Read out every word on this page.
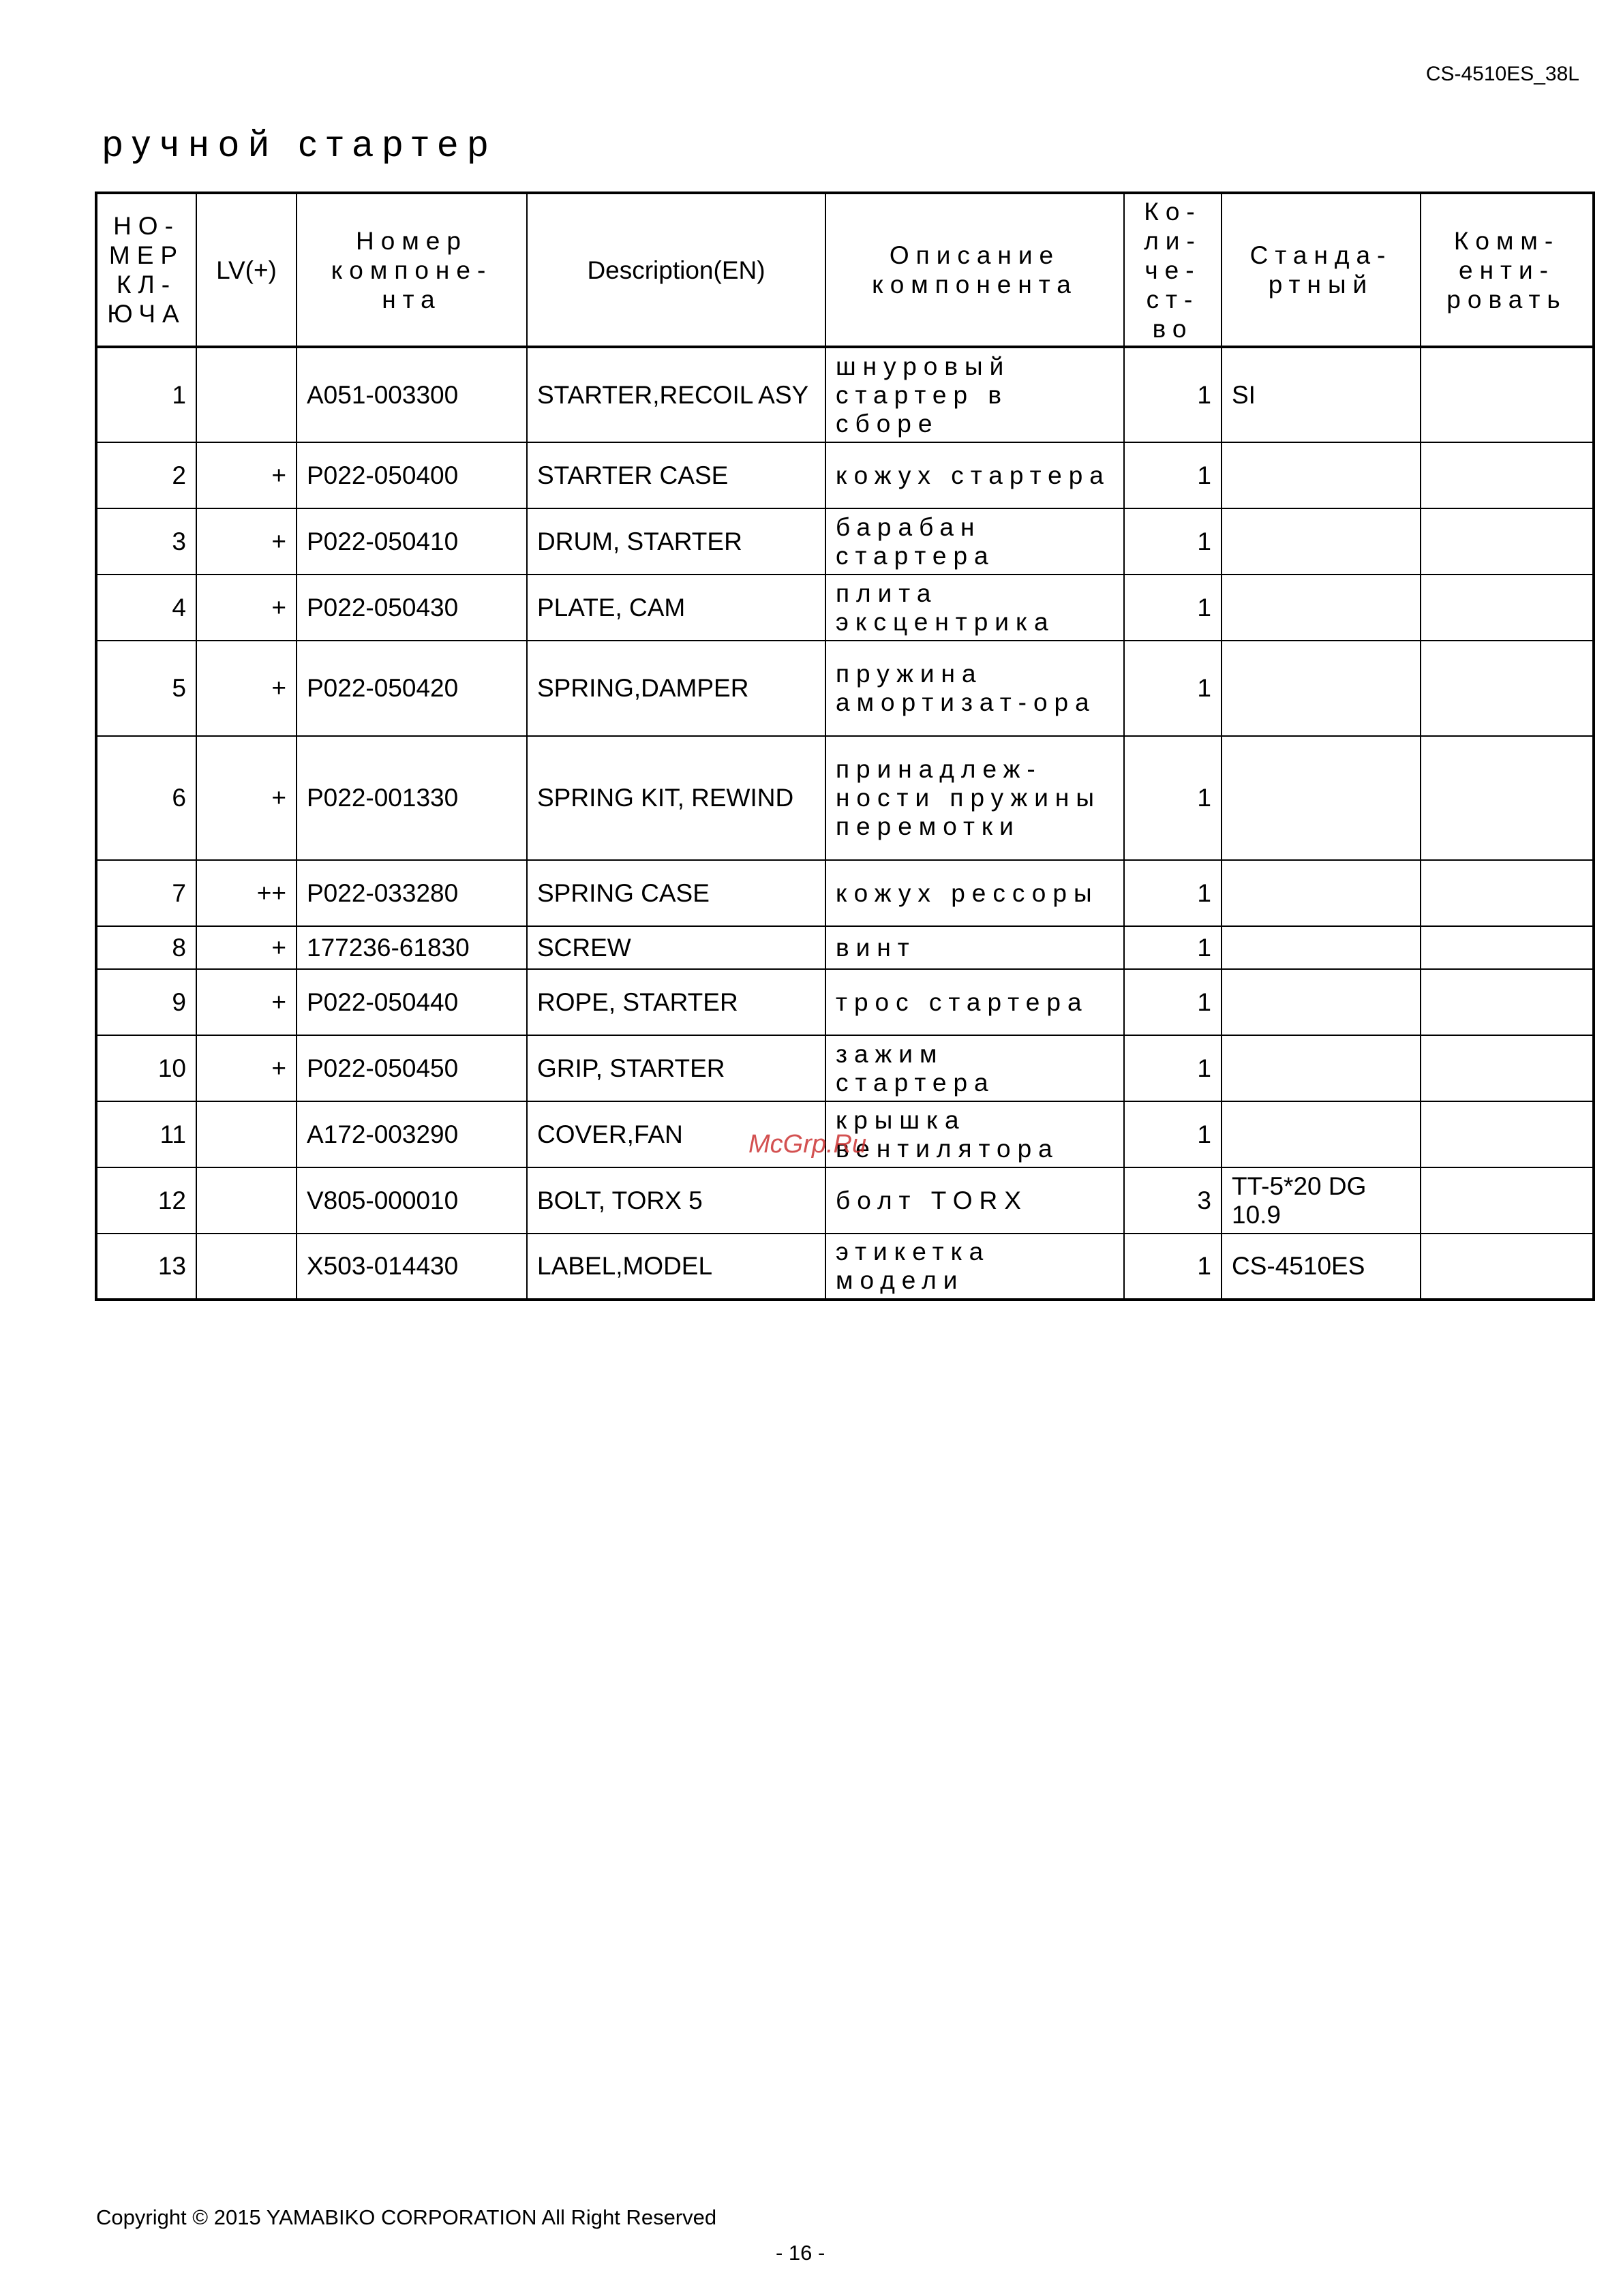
CS-4510ES_38L
ручной стартер
НО-МЕР КЛ-ЮЧА	LV(+)	Номер компоне-нта	Description(EN)	Описание компонента	Ко-ли-че-ст-во	Станда-ртный	Комм-енти-ровать
1		A051-003300	STARTER,RECOIL ASY	шнуровый стартер в сборе	1	SI	
2	+	P022-050400	STARTER CASE	кожух стартера	1		
3	+	P022-050410	DRUM, STARTER	барабан стартера	1		
4	+	P022-050430	PLATE, CAM	плита эксцентрика	1		
5	+	P022-050420	SPRING,DAMPER	пружина амортизат-ора	1		
6	+	P022-001330	SPRING KIT, REWIND	принадлеж-ности пружины перемотки	1		
7	++	P022-033280	SPRING CASE	кожух рессоры	1		
8	+	177236-61830	SCREW	винт	1		
9	+	P022-050440	ROPE, STARTER	трос стартера	1		
10	+	P022-050450	GRIP, STARTER	зажим стартера	1		
11		A172-003290	COVER,FAN	крышка вентилятора	1		
12		V805-000010	BOLT, TORX 5	болт TORX	3	TT-5*20 DG 10.9	
13		X503-014430	LABEL,MODEL	этикетка модели	1	CS-4510ES	
McGrp.Ru
Copyright © 2015 YAMABIKO CORPORATION All Right Reserved
- 16 -
